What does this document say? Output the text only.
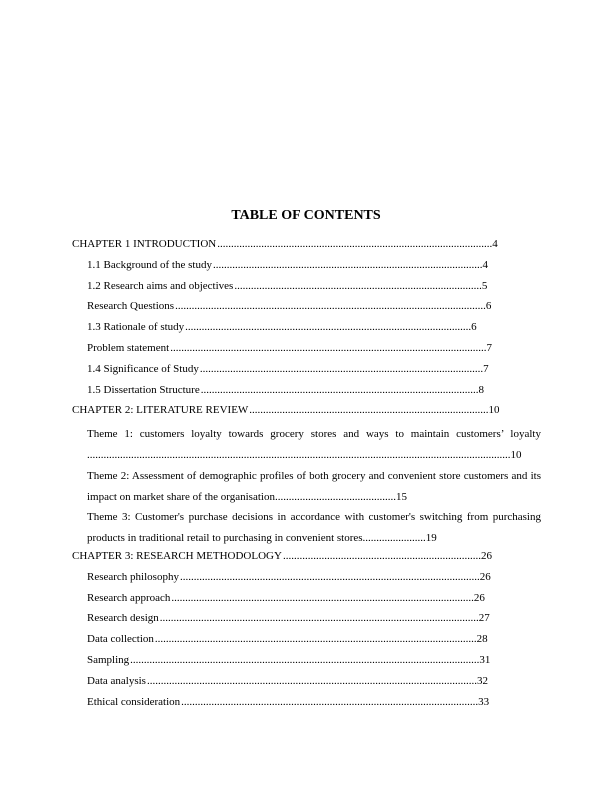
TABLE OF CONTENTS
CHAPTER 1 INTRODUCTION....................................................................................................4
1.1 Background of the study..................................................................................................4
1.2 Research aims and objectives..........................................................................................5
Research Questions.................................................................................................................6
1.3 Rationale of study........................................................................................................6
Problem statement...................................................................................................................7
1.4 Significance of Study.......................................................................................................7
1.5 Dissertation Structure.....................................................................................................8
CHAPTER 2: LITERATURE REVIEW.......................................................................................10
Theme 1: customers loyalty towards grocery stores and ways to maintain customers’ loyalty ..........................................................................................................................................................10
Theme 2: Assessment of demographic profiles of both grocery and convenient store customers and its impact on market share of the organisation............................................15
Theme 3: Customer's purchase decisions in accordance with customer's switching from purchasing products in traditional retail to purchasing in convenient stores.......................19
CHAPTER 3: RESEARCH METHODOLOGY........................................................................26
Research philosophy.............................................................................................................26
Research approach..............................................................................................................26
Research design....................................................................................................................27
Data collection.....................................................................................................................28
Sampling...............................................................................................................................31
Data analysis........................................................................................................................32
Ethical consideration............................................................................................................33
